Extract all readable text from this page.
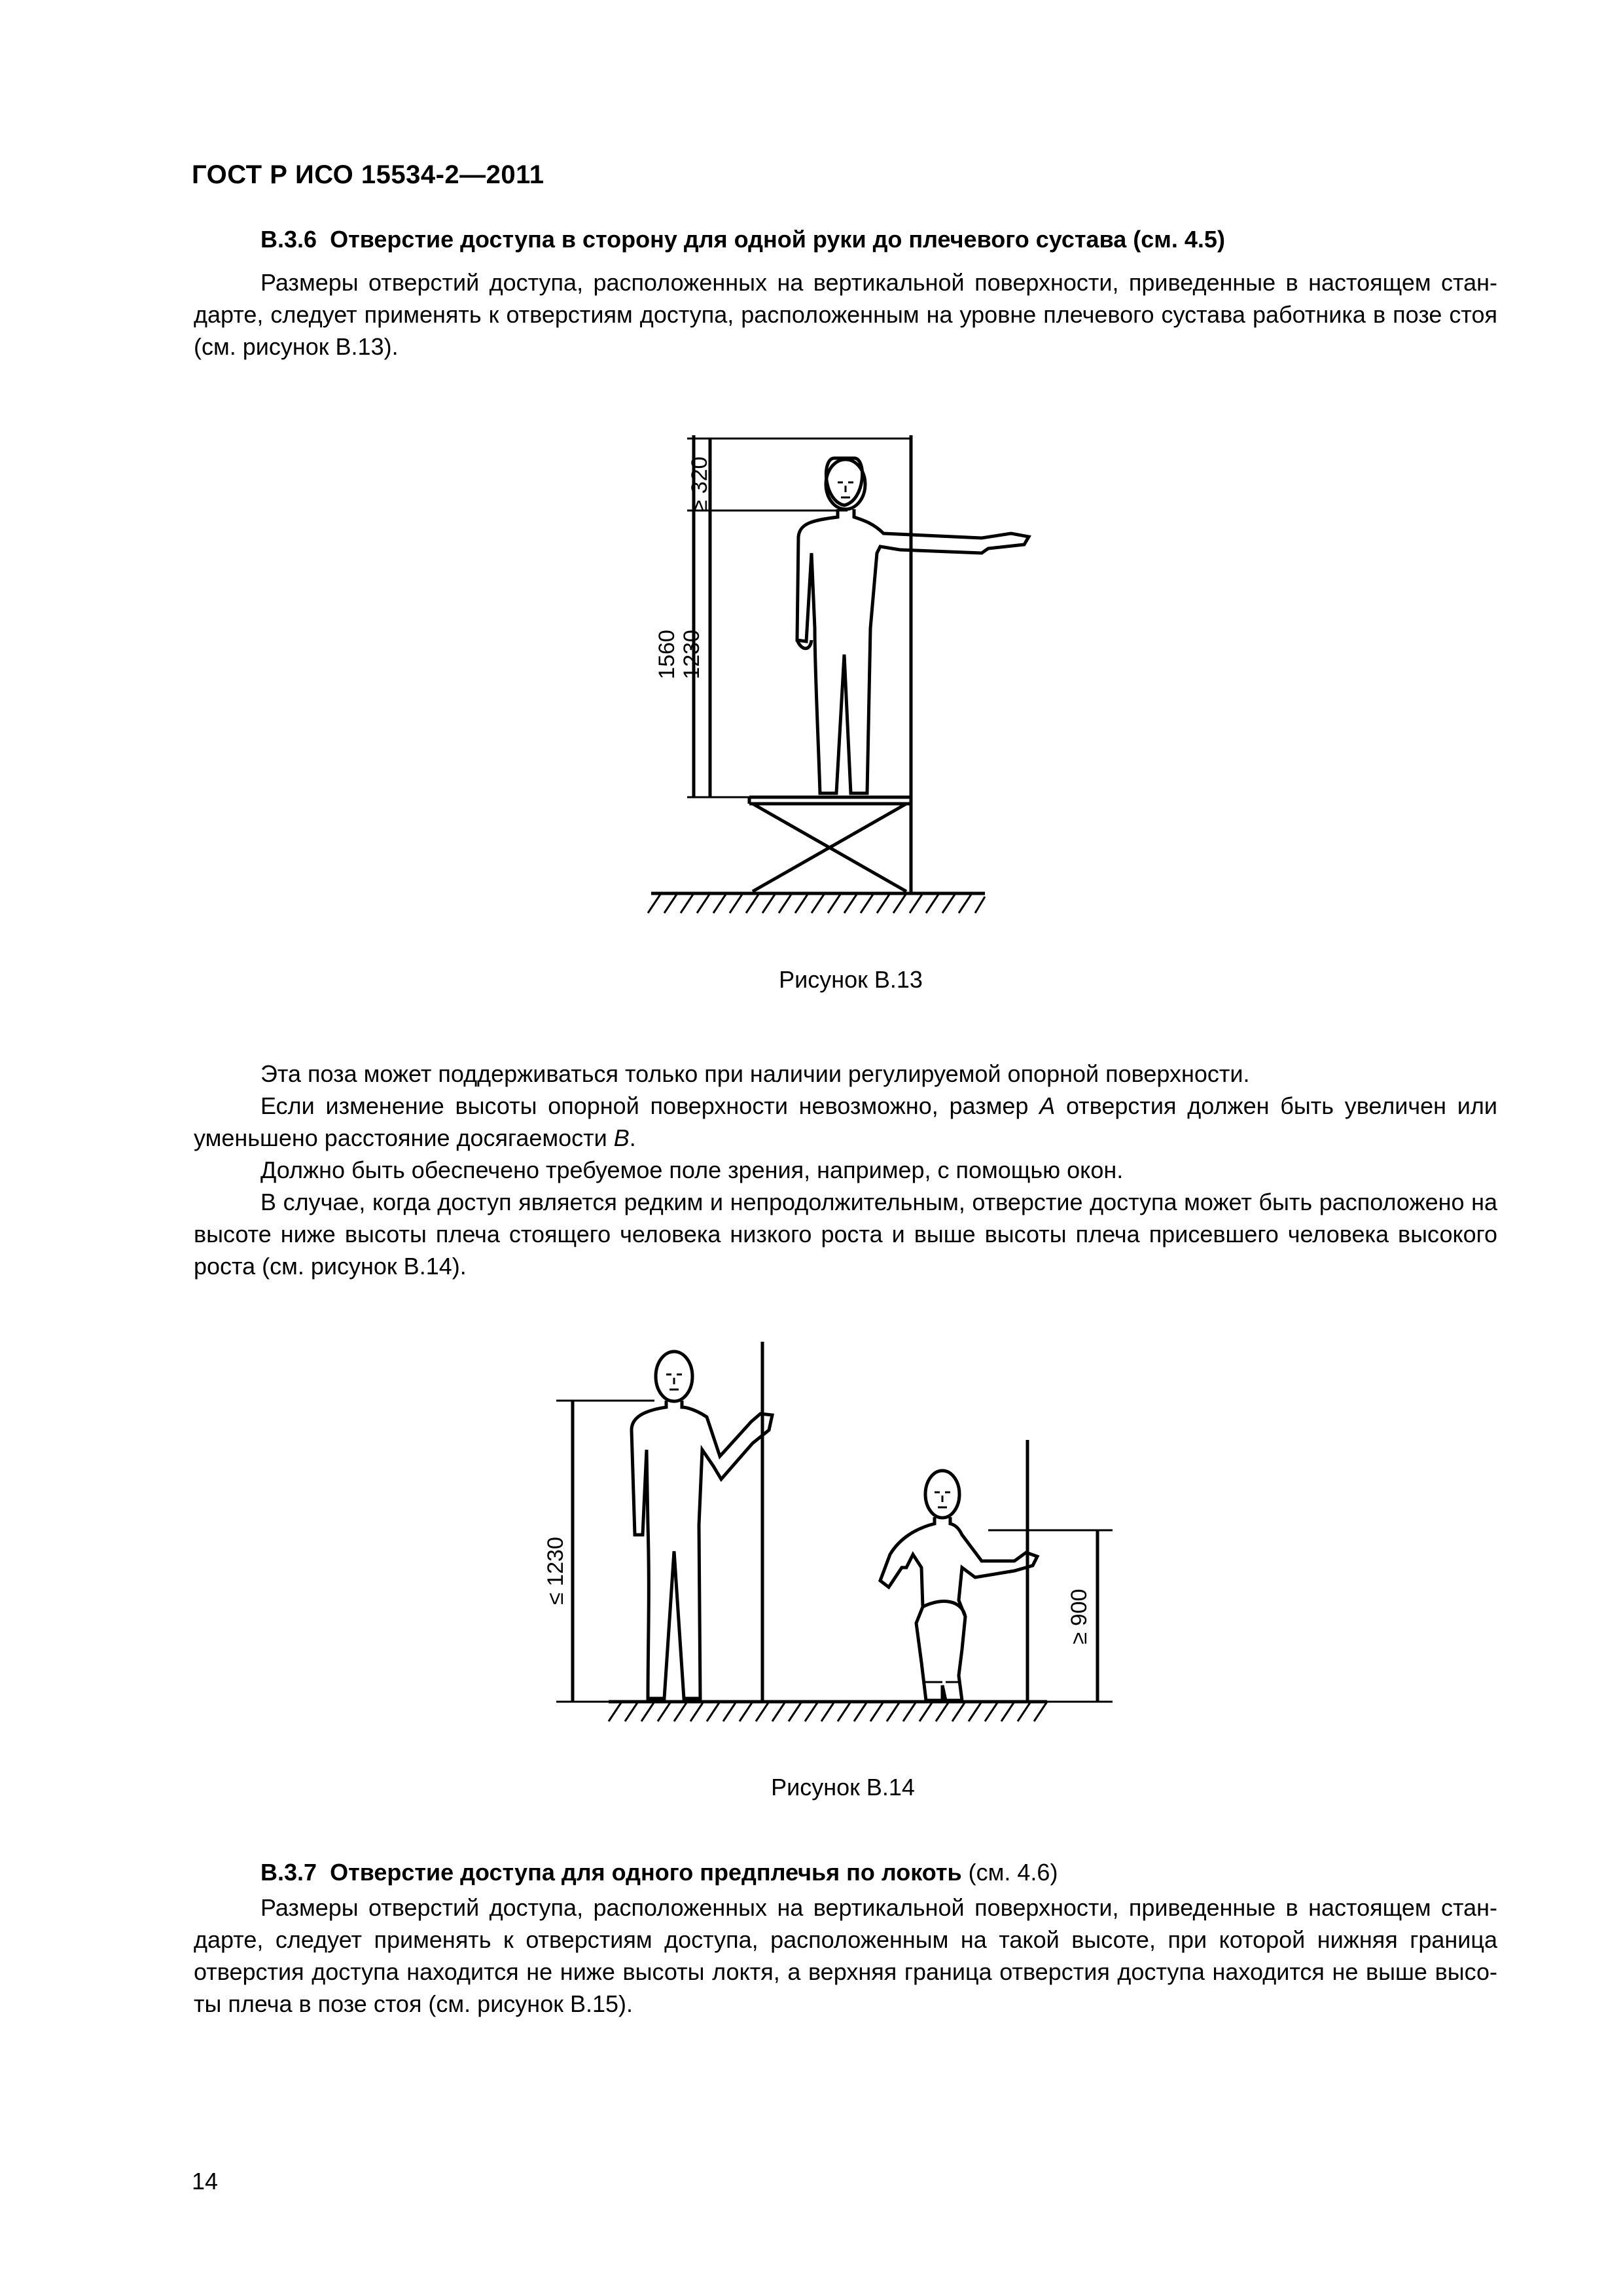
ГОСТ Р ИСО 15534-2—2011
В.3.6 Отверстие доступа в сторону для одной руки до плечевого сустава (см. 4.5)

Размеры отверстий доступа, расположенных на вертикальной поверхности, приведенные в настоящем стандарте, следует применять к отверстиям доступа, расположенным на уровне плечевого сустава работника в позе стоя (см. рисунок В.13).

≥ 320
1560 1230
Рисунок В.13

Эта поза может поддерживаться только при наличии регулируемой опорной поверхности.

Если изменение высоты опорной поверхности невозможно, размер А отверстия должен быть увеличен или уменьшено расстояние досягаемости В.

Должно быть обеспечено требуемое поле зрения, например, с помощью окон.

В случае, когда доступ является редким и непродолжительным, отверстие доступа может быть расположено на высоте ниже высоты плеча стоящего человека низкого роста и выше высоты плеча присевшего человека высокого роста (см. рисунок В.14).

≤ 1230
≥ 900
Рисунок В.14
В.3.7 Отверстие доступа для одного предплечья по локоть (см. 4.6)

Размеры отверстий доступа, расположенных на вертикальной поверхности, приведенные в настоящем стандарте, следует применять к отверстиям доступа, расположенным на такой высоте, при которой нижняя граница отверстия доступа находится не ниже высоты локтя, а верхняя граница отверстия доступа находится не выше высоты плеча в позе стоя (см. рисунок В.15).

14
